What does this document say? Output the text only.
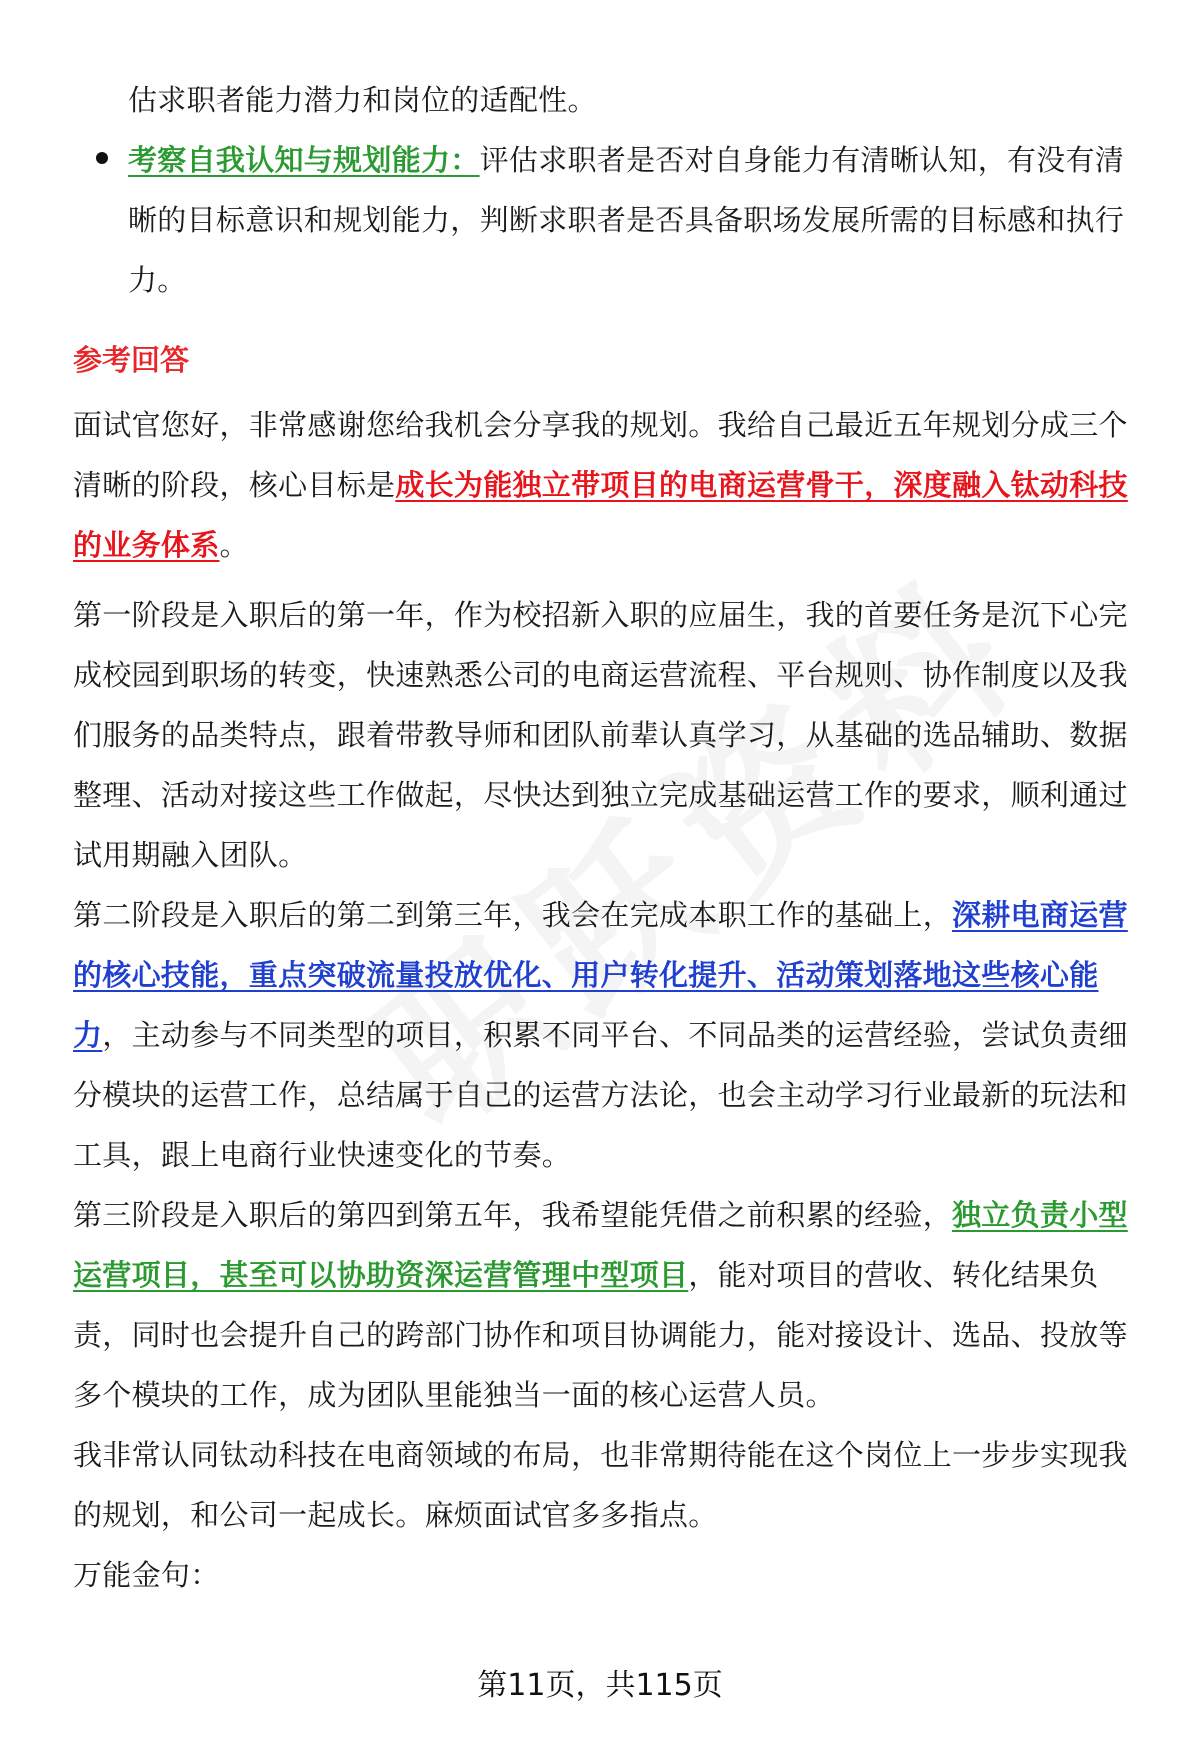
估求职者能力潜力和岗位的适配性。
考察自我认知与规划能力：评估求职者是否对自身能力有清晰认知，有没有清晰的目标意识和规划能力，判断求职者是否具备职场发展所需的目标感和执行力。
参考回答
面试官您好，非常感谢您给我机会分享我的规划。我给自己最近五年规划分成三个清晰的阶段，核心目标是成长为能独立带项目的电商运营骨干，深度融入钛动科技的业务体系。
第一阶段是入职后的第一年，作为校招新入职的应届生，我的首要任务是沉下心完成校园到职场的转变，快速熟悉公司的电商运营流程、平台规则、协作制度以及我们服务的品类特点，跟着带教导师和团队前辈认真学习，从基础的选品辅助、数据整理、活动对接这些工作做起，尽快达到独立完成基础运营工作的要求，顺利通过试用期融入团队。
第二阶段是入职后的第二到第三年，我会在完成本职工作的基础上，深耕电商运营的核心技能，重点突破流量投放优化、用户转化提升、活动策划落地这些核心能力，主动参与不同类型的项目，积累不同平台、不同品类的运营经验，尝试负责细分模块的运营工作，总结属于自己的运营方法论，也会主动学习行业最新的玩法和工具，跟上电商行业快速变化的节奏。
第三阶段是入职后的第四到第五年，我希望能凭借之前积累的经验，独立负责小型运营项目，甚至可以协助资深运营管理中型项目，能对项目的营收、转化结果负责，同时也会提升自己的跨部门协作和项目协调能力，能对接设计、选品、投放等多个模块的工作，成为团队里能独当一面的核心运营人员。
我非常认同钛动科技在电商领域的布局，也非常期待能在这个岗位上一步步实现我的规划，和公司一起成长。麻烦面试官多多指点。
万能金句：
第11页，共115页
